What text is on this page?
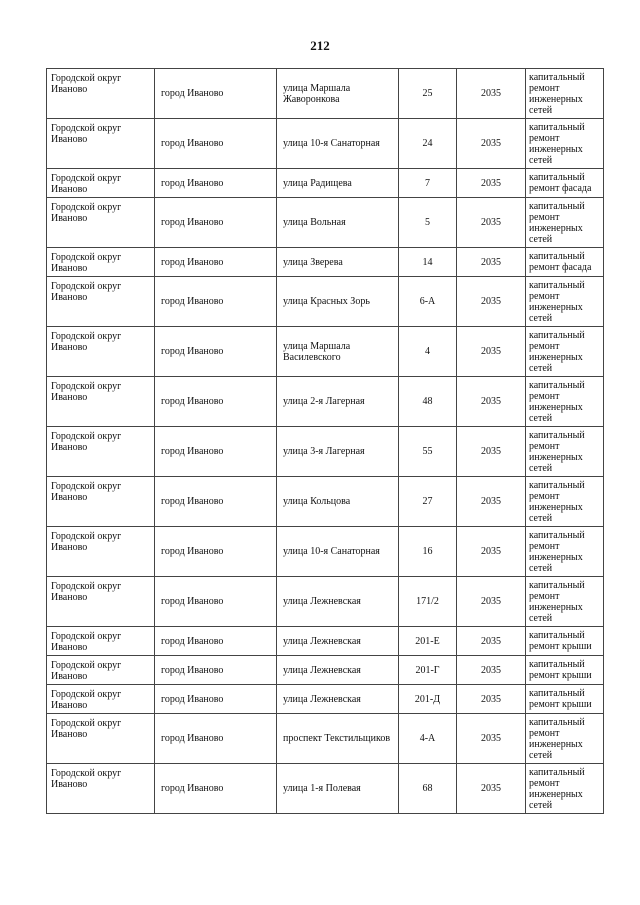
212
Городской округ Иваново	город Иваново	улица Маршала Жаворонкова	25	2035	капитальный ремонт инженерных сетей
Городской округ Иваново	город Иваново	улица 10-я Санаторная	24	2035	капитальный ремонт инженерных сетей
Городской округ Иваново	город Иваново	улица Радищева	7	2035	капитальный ремонт фасада
Городской округ Иваново	город Иваново	улица Вольная	5	2035	капитальный ремонт инженерных сетей
Городской округ Иваново	город Иваново	улица Зверева	14	2035	капитальный ремонт фасада
Городской округ Иваново	город Иваново	улица Красных Зорь	6-А	2035	капитальный ремонт инженерных сетей
Городской округ Иваново	город Иваново	улица Маршала Василевского	4	2035	капитальный ремонт инженерных сетей
Городской округ Иваново	город Иваново	улица 2-я Лагерная	48	2035	капитальный ремонт инженерных сетей
Городской округ Иваново	город Иваново	улица 3-я Лагерная	55	2035	капитальный ремонт инженерных сетей
Городской округ Иваново	город Иваново	улица Кольцова	27	2035	капитальный ремонт инженерных сетей
Городской округ Иваново	город Иваново	улица 10-я Санаторная	16	2035	капитальный ремонт инженерных сетей
Городской округ Иваново	город Иваново	улица Лежневская	171/2	2035	капитальный ремонт инженерных сетей
Городской округ Иваново	город Иваново	улица Лежневская	201-Е	2035	капитальный ремонт крыши
Городской округ Иваново	город Иваново	улица Лежневская	201-Г	2035	капитальный ремонт крыши
Городской округ Иваново	город Иваново	улица Лежневская	201-Д	2035	капитальный ремонт крыши
Городской округ Иваново	город Иваново	проспект Текстильщиков	4-А	2035	капитальный ремонт инженерных сетей
Городской округ Иваново	город Иваново	улица 1-я Полевая	68	2035	капитальный ремонт инженерных сетей
